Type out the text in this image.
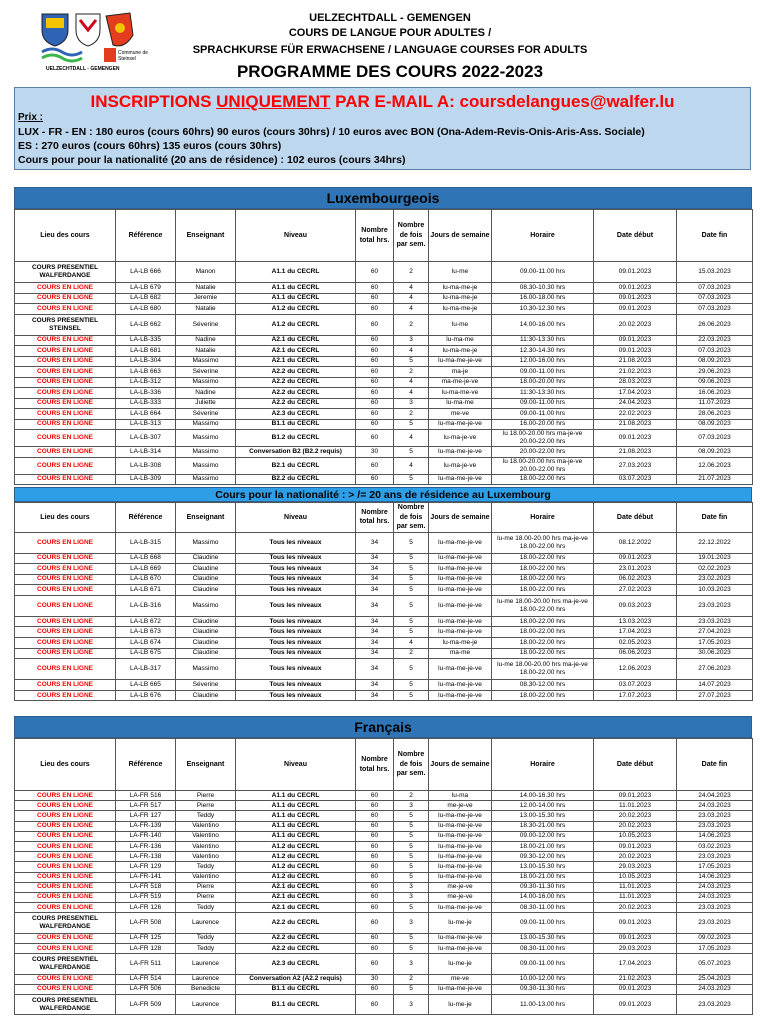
UELZECHTDALL - GEMENGEN
Commune de Steinsel
UELZECHTDALL - GEMENGEN
COURS DE LANGUE POUR ADULTES /
SPRACHKURSE FÜR ERWACHSENE / LANGUAGE COURSES FOR ADULTS
PROGRAMME DES COURS 2022-2023
INSCRIPTIONS UNIQUEMENT PAR E-MAIL A: coursdelangues@walfer.lu
Prix :
LUX - FR - EN : 180 euros (cours 60hrs) 90 euros (cours 30hrs) / 10 euros avec BON (Ona-Adem-Revis-Onis-Aris-Ass. Sociale)
ES : 270 euros (cours 60hrs) 135 euros (cours 30hrs)
Cours pour pour la nationalité (20 ans de résidence) : 102 euros (cours 34hrs)
Luxembourgeois
Lieu des cours	Référence	Enseignant	Niveau	Nombre total hrs.	Nombre de fois par sem.	Jours de semaine	Horaire	Date début	Date fin
COURS PRESENTIEL WALFERDANGE	LA-LB 666	Manon	A1.1 du CECRL	60	2	lu-me	09.00-11.00 hrs	09.01.2023	15.03.2023
COURS EN LIGNE	LA-LB 679	Natalie	A1.1 du CECRL	60	4	lu-ma-me-je	08.30-10.30 hrs	09.01.2023	07.03.2023
COURS EN LIGNE	LA-LB 682	Jeremie	A1.1 du CECRL	60	4	lu-ma-me-je	16.00-18.00 hrs	09.01.2023	07.03.2023
COURS EN LIGNE	LA-LB 680	Natalie	A1.2 du CECRL	60	4	lu-ma-me-je	10.30-12.30 hrs	09.01.2023	07.03.2023
COURS PRESENTIEL STEINSEL	LA-LB 662	Séverine	A1.2 du CECRL	60	2	lu-me	14.00-16.00 hrs	20.02.2023	26.06.2023
COURS EN LIGNE	LA-LB-335	Nadine	A2.1 du CECRL	60	3	lu-ma-me	11:30-13:30 hrs	09.01.2023	22.03.2023
COURS EN LIGNE	LA-LB 681	Natalie	A2.1 du CECRL	60	4	lu-ma-me-je	12.30-14.30 hrs	09.01.2023	07.03.2023
COURS EN LIGNE	LA-LB-304	Massimo	A2.1 du CECRL	60	5	lu-ma-me-je-ve	12.00-16.00 hrs	21.08.2023	08.09.2023
COURS EN LIGNE	LA-LB 663	Séverine	A2.2 du CECRL	60	2	ma-je	09.00-11.00 hrs	21.02.2023	29.06.2023
COURS EN LIGNE	LA-LB-312	Massimo	A2.2 du CECRL	60	4	ma-me-je-ve	18.00-20.00 hrs	28.03.2023	09.06.2023
COURS EN LIGNE	LA-LB-336	Nadine	A2.2 du CECRL	60	4	lu-ma-me-ve	11:30-13:30 hrs	17.04.2023	16.06.2023
COURS EN LIGNE	LA-LB-333	Juliette	A2.2 du CECRL	60	3	lu-ma-me	09.00-11.00 hrs	24.04.2023	11.07.2023
COURS EN LIGNE	LA-LB 664	Séverine	A2.3 du CECRL	60	2	me-ve	09.00-11.00 hrs	22.02.2023	28.06.2023
COURS EN LIGNE	LA-LB-313	Massimo	B1.1 du CECRL	60	5	lu-ma-me-je-ve	16.00-20.00 hrs	21.08.2023	08.09.2023
COURS EN LIGNE	LA-LB-307	Massimo	B1.2 du CECRL	60	4	lu-ma-je-ve	lu 18.00-20.00 hrs ma-je-ve 20.00-22.00 hrs	09.01.2023	07.03.2023
COURS EN LIGNE	LA-LB-314	Massimo	Conversation B2 (B2.2 requis)	30	5	lu-ma-me-je-ve	20.00-22.00 hrs	21.08.2023	08.09.2023
COURS EN LIGNE	LA-LB-308	Massimo	B2.1 du CECRL	60	4	lu-ma-je-ve	lu 18.00-20.00 hrs ma-je-ve 20.00-22.00 hrs	27.03.2023	12.06.2023
COURS EN LIGNE	LA-LB-309	Massimo	B2.2 du CECRL	60	5	lu-ma-me-je-ve	18.00-22.00 hrs	03.07.2023	21.07.2023
Cours pour la nationalité : > /= 20 ans de résidence au Luxembourg
Lieu des cours	Référence	Enseignant	Niveau	Nombre total hrs.	Nombre de fois par sem.	Jours de semaine	Horaire	Date début	Date fin
COURS EN LIGNE	LA-LB-315	Massimo	Tous les niveaux	34	5	lu-ma-me-je-ve	lu-me 18.00-20.00 hrs ma-je-ve 18.00-22.00 hrs	08.12.2022	22.12.2022
COURS EN LIGNE	LA-LB 668	Claudine	Tous les niveaux	34	5	lu-ma-me-je-ve	18.00-22.00 hrs	09.01.2023	19.01.2023
COURS EN LIGNE	LA-LB 669	Claudine	Tous les niveaux	34	5	lu-ma-me-je-ve	18.00-22.00 hrs	23.01.2023	02.02.2023
COURS EN LIGNE	LA-LB 670	Claudine	Tous les niveaux	34	5	lu-ma-me-je-ve	18.00-22.00 hrs	06.02.2023	23.02.2023
COURS EN LIGNE	LA-LB 671	Claudine	Tous les niveaux	34	5	lu-ma-me-je-ve	18.00-22.00 hrs	27.02.2023	10.03.2023
COURS EN LIGNE	LA-LB-316	Massimo	Tous les niveaux	34	5	lu-ma-me-je-ve	lu-me 18.00-20.00 hrs ma-je-ve 18.00-22.00 hrs	09.03.2023	23.03.2023
COURS EN LIGNE	LA-LB 672	Claudine	Tous les niveaux	34	5	lu-ma-me-je-ve	18.00-22.00 hrs	13.03.2023	23.03.2023
COURS EN LIGNE	LA-LB 673	Claudine	Tous les niveaux	34	5	lu-ma-me-je-ve	18.00-22.00 hrs	17.04.2023	27.04.2023
COURS EN LIGNE	LA-LB 674	Claudine	Tous les niveaux	34	4	lu-ma-me-je	18.00-22.00 hrs	02.05.2023	17.05.2023
COURS EN LIGNE	LA-LB 675	Claudine	Tous les niveaux	34	2	ma-me	18.00-22.00 hrs	06.06.2023	30.06.2023
COURS EN LIGNE	LA-LB-317	Massimo	Tous les niveaux	34	5	lu-ma-me-je-ve	lu-me 18.00-20.00 hrs ma-je-ve 18.00-22.00 hrs	12.06.2023	27.06.2023
COURS EN LIGNE	LA-LB 665	Séverine	Tous les niveaux	34	5	lu-ma-me-je-ve	08.30-12.00 hrs	03.07.2023	14.07.2023
COURS EN LIGNE	LA-LB 676	Claudine	Tous les niveaux	34	5	lu-ma-me-je-ve	18.00-22.00 hrs	17.07.2023	27.07.2023
Français
Lieu des cours	Référence	Enseignant	Niveau	Nombre total hrs.	Nombre de fois par sem.	Jours de semaine	Horaire	Date début	Date fin
COURS EN LIGNE	LA-FR 516	Pierre	A1.1 du CECRL	60	2	lu-ma	14.00-16.30 hrs	09.01.2023	24.04.2023
COURS EN LIGNE	LA-FR 517	Pierre	A1.1 du CECRL	60	3	me-je-ve	12.00-14.00 hrs	11.01.2023	24.03.2023
COURS EN LIGNE	LA-FR 127	Teddy	A1.1 du CECRL	60	5	lu-ma-me-je-ve	13.00-15.30 hrs	20.02.2023	23.03.2023
COURS EN LIGNE	LA-FR-139	Valentino	A1.1 du CECRL	60	5	lu-ma-me-je-ve	18.30-21.00 hrs	20.02.2023	23.03.2023
COURS EN LIGNE	LA-FR-140	Valentino	A1.1 du CECRL	60	5	lu-ma-me-je-ve	09.00-12.00 hrs	10.05.2023	14.06.2023
COURS EN LIGNE	LA-FR-136	Valentino	A1.2 du CECRL	60	5	lu-ma-me-je-ve	18.00-21.00 hrs	09.01.2023	03.02.2023
COURS EN LIGNE	LA-FR-138	Valentino	A1.2 du CECRL	60	5	lu-ma-me-je-ve	09.30-12.00 hrs	20.02.2023	23.03.2023
COURS EN LIGNE	LA-FR 129	Teddy	A1.2 du CECRL	60	5	lu-ma-me-je-ve	13.00-15.30 hrs	29.03.2023	17.05.2023
COURS EN LIGNE	LA-FR-141	Valentino	A1.2 du CECRL	60	5	lu-ma-me-je-ve	18.00-21.00 hrs	10.05.2023	14.06.2023
COURS EN LIGNE	LA-FR 518	Pierre	A2.1 du CECRL	60	3	me-je-ve	09.30-11.30 hrs	11.01.2023	24.03.2023
COURS EN LIGNE	LA-FR 519	Pierre	A2.1 du CECRL	60	3	me-je-ve	14.00-16.00 hrs	11.01.2023	24.03.2023
COURS EN LIGNE	LA-FR 126	Teddy	A2.1 du CECRL	60	5	lu-ma-me-je-ve	08.30-11.00 hrs	20.02.2023	23.03.2023
COURS PRESENTIEL WALFERDANGE	LA-FR 508	Laurence	A2.2 du CECRL	60	3	lu-me-je	09.00-11.00 hrs	09.01.2023	23.03.2023
COURS EN LIGNE	LA-FR 125	Teddy	A2.2 du CECRL	60	5	lu-ma-me-je-ve	13.00-15.30 hrs	09.01.2023	09.02.2023
COURS EN LIGNE	LA-FR 128	Teddy	A2.2 du CECRL	60	5	lu-ma-me-je-ve	08.30-11.00 hrs	29.03.2023	17.05.2023
COURS PRESENTIEL WALFERDANGE	LA-FR 511	Laurence	A2.3 du CECRL	60	3	lu-me-je	09.00-11.00 hrs	17.04.2023	05.07.2023
COURS EN LIGNE	LA-FR 514	Laurence	Conversation A2 (A2.2 requis)	30	2	me-ve	10.00-12.00 hrs	21.02.2023	25.04.2023
COURS EN LIGNE	LA-FR 506	Benedicte	B1.1 du CECRL	60	5	lu-ma-me-je-ve	09.30-11.30 hrs	09.01.2023	24.03.2023
COURS PRESENTIEL WALFERDANGE	LA-FR 509	Laurence	B1.1 du CECRL	60	3	lu-me-je	11.00-13.00 hrs	09.01.2023	23.03.2023
